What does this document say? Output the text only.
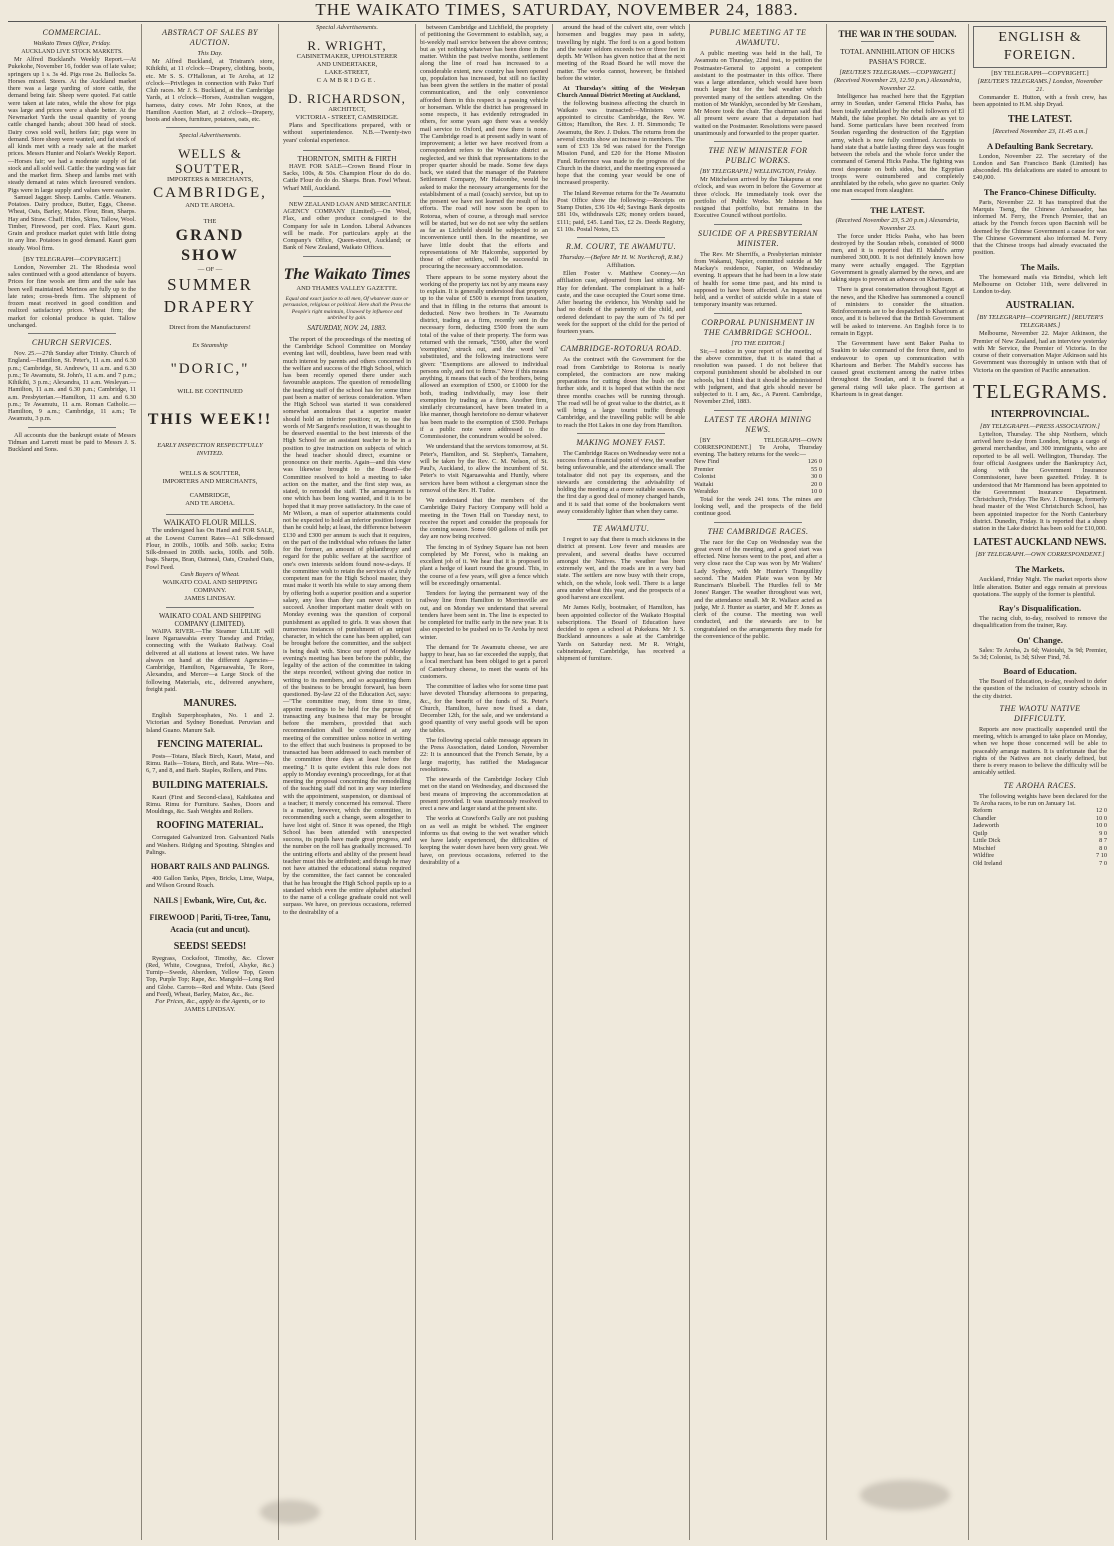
THE WAIKATO TIMES, SATURDAY, NOVEMBER 24, 1883.
COMMERCIAL.
Waikato Times Office, Friday.
AUCKLAND LIVE STOCK MARKETS.

Mr Alfred Buckland's Weekly Report.—At Pukekohe, November 16, fodder was of late value; springers up 1 s. 3s 4d. Pigs rose 2s. Bullocks 5s. Horses mixed. Steers. At the Auckland market there was a large yarding of store cattle, the demand being fair. Sheep were quoted. Fat cattle were taken at late rates, while the show for pigs was large and prices were a shade better. At the Newmarket Yards the usual quantity of young cattle changed hands; about 300 head of stock. Dairy cows sold well, heifers fair; pigs were in demand. Store sheep were wanted, and fat stock of all kinds met with a ready sale at the market prices. Messrs Hunter and Nolan's Weekly Report.—Horses fair; we had a moderate supply of fat stock and all sold well. Cattle: the yarding was fair and the market firm. Sheep and lambs met with steady demand at rates which favoured vendors. Pigs were in large supply and values were easier.

Samuel Jagger. Sheep. Lambs. Cattle. Weaners. Potatoes. Dairy produce, Butter, Eggs, Cheese. Wheat, Oats, Barley, Maize. Flour, Bran, Sharps. Hay and Straw. Chaff. Hides, Skins, Tallow, Wool. Timber, Firewood, per cord. Flax. Kauri gum. Grain and produce market quiet with little doing in any line. Potatoes in good demand. Kauri gum steady. Wool firm.

[BY TELEGRAPH—COPYRIGHT.]

London, November 21. The Rhodesia wool sales continued with a good attendance of buyers. Prices for fine wools are firm and the sale has been well maintained. Merinos are fully up to the late rates; cross-breds firm. The shipment of frozen meat received in good condition and realized satisfactory prices. Wheat firm; the market for colonial produce is quiet. Tallow unchanged.

CHURCH SERVICES.

Nov. 25.—27th Sunday after Trinity. Church of England.—Hamilton, St. Peter's, 11 a.m. and 6.30 p.m.; Cambridge, St. Andrew's, 11 a.m. and 6.30 p.m.; Te Awamutu, St. John's, 11 a.m. and 7 p.m.; Kihikihi, 3 p.m.; Alexandra, 11 a.m. Wesleyan.—Hamilton, 11 a.m. and 6.30 p.m.; Cambridge, 11 a.m. Presbyterian.—Hamilton, 11 a.m. and 6.30 p.m.; Te Awamutu, 11 a.m. Roman Catholic.—Hamilton, 9 a.m.; Cambridge, 11 a.m.; Te Awamutu, 3 p.m.

All accounts due the bankrupt estate of Messrs Tidman and Larrett must be paid to Messrs J. S. Buckland and Sons.

ABSTRACT OF SALES BY AUCTION.
This Day.

Mr Alfred Buckland, at Tristram's store, Kihikihi, at 11 o'clock—Drapery, clothing, boots, etc. Mr S. S. O'Halloran, at Te Aroha, at 12 o'clock—Privileges in connection with Pako Turf Club races. Mr J. S. Buckland, at the Cambridge Yards, at 1 o'clock—Horses, Australian waggon, harness, dairy cows. Mr John Knox, at the Hamilton Auction Mart, at 2 o'clock—Drapery, boots and shoes, furniture, potatoes, oats, etc.

Special Advertisements.
WELLS & SOUTTER,
IMPORTERS & MERCHANTS,
CAMBRIDGE,
AND TE AROHA.
THE
GRAND SHOW
— OF —
SUMMER DRAPERY
Direct from the Manufacturers!
Ex Steamship
"DORIC,"
WILL BE CONTINUED
THIS WEEK!!
EARLY INSPECTION RESPECTFULLY INVITED.
WELLS & SOUTTER,
IMPORTERS AND MERCHANTS,
CAMBRIDGE,
AND TE AROHA.
WAIKATO FLOUR MILLS.

The undersigned has On Hand and FOR SALE, at the Lowest Current Rates—A1 Silk-dressed Flour, in 200lb., 100lb. and 50lb. sacks; Extra Silk-dressed in 200lb. sacks, 100lb. and 50lb. bags. Sharps, Bran, Oatmeal, Oats, Crushed Oats, Fowl Feed.

Cash Buyers of Wheat.
WAIKATO COAL AND SHIPPING COMPANY.
JAMES LINDSAY.
WAIKATO COAL AND SHIPPING COMPANY (LIMITED).

WAIPA RIVER.—The Steamer LILLIE will leave Ngaruawahia every Tuesday and Friday, connecting with the Waikato Railway. Coal delivered at all stations at lowest rates. We have always on hand at the different Agencies—Cambridge, Hamilton, Ngaruawahia, Te Rore, Alexandra, and Mercer—a Large Stock of the following Materials, etc., delivered anywhere, freight paid.

MANURES.

English Superphosphates, No. 1 and 2. Victorian and Sydney Bonedust. Peruvian and Island Guano. Manure Salt.

FENCING MATERIAL.

Posts—Totara, Black Birch, Kauri, Matai, and Rimu. Rails—Totara, Birch, and Rata. Wire—No. 6, 7, and 8, and Barb. Staples, Rollers, and Pins.

BUILDING MATERIALS.

Kauri (First and Second-class), Kahikatea and Rimu. Rimu for Furniture. Sashes, Doors and Mouldings, &c. Sash Weights and Rollers.

ROOFING MATERIAL.

Corrugated Galvanized Iron. Galvanized Nails and Washers. Ridging and Spouting. Shingles and Palings.

HOBART RAILS AND PALINGS.

400 Gallon Tanks, Pipes, Bricks, Lime, Waipa, and Wilson Ground Roach.

NAILS | Ewbank, Wire, Cut, &c.
FIREWOOD | Pariti, Ti-tree, Tanu, Acacia (cut and uncut).
SEEDS! SEEDS!

Ryegrass, Cocksfoot, Timothy, &c. Clover (Red, White, Cowgrass, Trefoil, Alsyke, &c.) Turnip—Swede, Aberdeen, Yellow Top, Green Top, Purple Top; Rape, &c. Mangold—Long Red and Globe. Carrots—Red and White. Oats (Seed and Feed), Wheat, Barley, Maize, &c., &c.

For Prices, &c., apply to the Agents, or to
JAMES LINDSAY.
Special Advertisements.
R. WRIGHT,
CABINETMAKER, UPHOLSTERER
AND UNDERTAKER,
LAKE-STREET,
CAMBRIDGE.
D. RICHARDSON,
ARCHITECT,
VICTORIA - STREET, CAMBRIDGE.

Plans and Specifications prepared, with or without superintendence. N.B.—Twenty-two years' colonial experience.

THORNTON, SMITH & FIRTH

HAVE FOR SALE—Crown Brand Flour in Sacks, 100s, & 50s. Champion Flour do do do. Cattle Flour do do do. Sharps. Bran. Fowl Wheat. Wharf Mill, Auckland.

NEW ZEALAND LOAN AND MERCANTILE AGENCY COMPANY (Limited).—On Wool, Flax, and other produce consigned to the Company for sale in London. Liberal Advances will be made. For particulars apply at the Company's Office, Queen-street, Auckland; or Bank of New Zealand, Waikato Offices.

The Waikato Times
AND THAMES VALLEY GAZETTE.
Equal and exact justice to all men, Of whatever state or persuasion, religious or political. Here shall the Press the People's right maintain, Unawed by influence and unbribed by gain.
SATURDAY, NOV. 24, 1883.

The report of the proceedings of the meeting of the Cambridge School Committee on Monday evening last will, doubtless, have been read with much interest by parents and others concerned in the welfare and success of the High School, which has been recently opened there under such favourable auspices. The question of remodelling the teaching staff of the school has for some time past been a matter of serious consideration. When the High School was started it was considered somewhat anomalous that a superior master should hold an inferior position; or, to use the words of Mr Sargent's resolution, it was thought to be deserved essential to the best interests of the High School for an assistant teacher to be in a position to give instruction on subjects of which the head teacher should direct, examine or pronounce on their merits. Again—and this view was likewise brought to the Board—the Committee resolved to hold a meeting to take action on the matter, and the first step was, as stated, to remodel the staff. The arrangement is one which has been long wanted, and it is to be hoped that it may prove satisfactory. In the case of Mr Wilson, a man of superior attainments could not be expected to hold an inferior position longer than he could help; at least, the difference between £130 and £300 per annum is such that it requires, on the part of the individual who refuses the latter for the former, an amount of philanthropy and regard for the public welfare at the sacrifice of one's own interests seldom found now-a-days. If the committee wish to retain the services of a truly competent man for the High School master, they must make it worth his while to stay among them by offering both a superior position and a superior salary, any less than they can never expect to succeed. Another important matter dealt with on Monday evening was the question of corporal punishment as applied to girls. It was shown that numerous instances of punishment of an unjust character, in which the cane has been applied, can be brought before the committee, and the subject is being dealt with. Since our report of Monday evening's meeting has been before the public, the legality of the action of the committee in taking the steps recorded, without giving due notice in writing to its members, and so acquainting them of the business to be brought forward, has been questioned. By-law 22 of the Education Act, says: —"The committee may, from time to time, appoint meetings to be held for the purpose of transacting any business that may be brought before the members, provided that such recommendation shall be considered at any meeting of the committee unless notice in writing to the effect that such business is proposed to be transacted has been addressed to each member of the committee three days at least before the meeting." It is quite evident this rule does not apply to Monday evening's proceedings, for at that meeting the proposal concerning the remodelling of the teaching staff did not in any way interfere with the appointment, suspension, or dismissal of a teacher; it merely concerned his removal. There is a matter, however, which the committee, in recommending such a change, seem altogether to have lost sight of. Since it was opened, the High School has been attended with unexpected success, its pupils have made great progress, and the number on the roll has gradually increased. To the untiring efforts and ability of the present head teacher must this be attributed; and though he may not have attained the educational status required by the committee, the fact cannot be concealed that he has brought the High School pupils up to a standard which even the entire alphabet attached to the name of a college graduate could not well surpass. We have, on previous occasions, referred to the desirability of a

between Cambridge and Lichfield, the propriety of petitioning the Government to establish, say, a bi-weekly mail service between the above centres; but as yet nothing whatever has been done in the matter. Within the past twelve months, settlement along the line of road has increased to a considerable extent, new country has been opened up, population has increased, but still no facility has been given the settlers in the matter of postal communication, and the only convenience afforded them in this respect is a passing vehicle or horseman. While the district has progressed in some respects, it has evidently retrograded in others, for some years ago there was a weekly mail service to Oxford, and now there is none. The Cambridge road is at present sadly in want of improvement; a letter we have received from a correspondent refers to the Waikato district as neglected, and we think that representations to the proper quarter should be made. Some few days back, we stated that the manager of the Patetere Settlement Company, Mr Halcombe, would be asked to make the necessary arrangements for the establishment of a mail (coach) service, but up to the present we have not learned the result of his efforts. The road will now soon be open to Rotorua, when of course, a through mail service will be started, but we do not see why the settlers as far as Lichfield should be subjected to an inconvenience until then. In the meantime, we have little doubt that the efforts and representations of Mr Halcombe, supported by those of other settlers, will be successful in procuring the necessary accommodation.

There appears to be some mystery about the working of the property tax not by any means easy to explain. It is generally understood that property up to the value of £500 is exempt from taxation, and that in filling in the returns that amount is deducted. Now two brothers in Te Awamutu district, trading as a firm, recently sent in the necessary form, deducting £500 from the sum total of the value of their property. The form was returned with the remark, "£500, after the word 'exemption,' struck out, and the word 'nil' substituted, and the following instructions were given: "Exemptions are allowed to individual persons only, and not to firms." Now if this means anything, it means that each of the brothers, being allowed an exemption of £500, or £1000 for the both, trading individually, may lose their exemption by trading as a firm. Another firm, similarly circumstanced, have been treated in a like manner, though heretofore no demur whatever has been made to the exemption of £500. Perhaps if a public note were addressed to the Commissioner, the conundrum would be solved.

We understand that the services tomorrow, at St. Peter's, Hamilton, and St. Stephen's, Tamahere, will be taken by the Rev. C. M. Nelson, of St. Paul's, Auckland, to allow the incumbent of St. Peter's to visit Ngaruawahia and Huntly, where services have been without a clergyman since the removal of the Rev. H. Tudor.

We understand that the members of the Cambridge Dairy Factory Company will hold a meeting in the Town Hall on Tuesday next, to receive the report and consider the proposals for the coming season. Some 600 gallons of milk per day are now being received.

The fencing in of Sydney Square has not been completed by Mr Forest, who is making an excellent job of it. We hear that it is proposed to plant a hedge of kauri round the ground. This, in the course of a few years, will give a fence which will be exceedingly ornamental.

Tenders for laying the permanent way of the railway line from Hamilton to Morrinsville are out, and on Monday we understand that several tenders have been sent in. The line is expected to be completed for traffic early in the new year. It is also expected to be pushed on to Te Aroha by next winter.

The demand for Te Awamutu cheese, we are happy to hear, has so far exceeded the supply, that a local merchant has been obliged to get a parcel of Canterbury cheese, to meet the wants of his customers.

The committee of ladies who for some time past have devoted Thursday afternoons to preparing, &c., for the benefit of the funds of St. Peter's Church, Hamilton, have now fixed a date, December 12th, for the sale, and we understand a good quantity of very useful goods will be upon the tables.

The following special cable message appears in the Press Association, dated London, November 22: It is announced that the French Senate, by a large majority, has ratified the Madagascar resolutions.

The stewards of the Cambridge Jockey Club met on the stand on Wednesday, and discussed the best means of improving the accommodation at present provided. It was unanimously resolved to erect a new and larger stand at the present site.

The works at Crawford's Gully are not pushing on as well as might be wished. The engineer informs us that owing to the wet weather which we have lately experienced, the difficulties of keeping the water down have been very great. We have, on previous occasions, referred to the desirability of a

around the head of the culvert site, over which horsemen and buggies may pass in safety, travelling by night. The ford is on a good bottom and the water seldom exceeds two or three feet in depth. Mr Wilson has given notice that at the next meeting of the Road Board he will move the matter. The works cannot, however, be finished before the winter.

At Thursday's sitting of the Wesleyan Church Annual District Meeting at Auckland,

the following business affecting the church in Waikato was transacted:—Ministers were appointed to circuits: Cambridge, the Rev. W. Gittos; Hamilton, the Rev. J. H. Simmonds; Te Awamutu, the Rev. J. Dukes. The returns from the several circuits show an increase in members. The sum of £33 13s 9d was raised for the Foreign Mission Fund, and £20 for the Home Mission Fund. Reference was made to the progress of the Church in the district, and the meeting expressed a hope that the coming year would be one of increased prosperity.

The Inland Revenue returns for the Te Awamutu Post Office show the following:—Receipts on Stamp Duties, £36 10s 4d; Savings Bank deposits £81 10s, withdrawals £26; money orders issued, £111; paid, £45. Land Tax, £2 2s. Deeds Registry, £1 10s. Postal Notes, £3.

R.M. COURT, TE AWAMUTU.
Thursday.—(Before Mr H. W. Northcroft, R.M.)
Affiliation.

Ellen Foster v. Matthew Cooney.—An affiliation case, adjourned from last sitting. Mr Hay for defendant. The complainant is a half-caste, and the case occupied the Court some time. After hearing the evidence, his Worship said he had no doubt of the paternity of the child, and ordered defendant to pay the sum of 7s 6d per week for the support of the child for the period of fourteen years.

CAMBRIDGE-ROTORUA ROAD.

As the contract with the Government for the road from Cambridge to Rotorua is nearly completed, the contractors are now making preparations for cutting down the bush on the further side, and it is hoped that within the next three months coaches will be running through. The road will be of great value to the district, as it will bring a large tourist traffic through Cambridge, and the travelling public will be able to reach the Hot Lakes in one day from Hamilton.

MAKING MONEY FAST.

The Cambridge Races on Wednesday were not a success from a financial point of view, the weather being unfavourable, and the attendance small. The totalisator did not pay its expenses, and the stewards are considering the advisability of holding the meeting at a more suitable season. On the first day a good deal of money changed hands, and it is said that some of the bookmakers went away considerably lighter than when they came.

TE AWAMUTU.

I regret to say that there is much sickness in the district at present. Low fever and measles are prevalent, and several deaths have occurred amongst the Natives. The weather has been extremely wet, and the roads are in a very bad state. The settlers are now busy with their crops, which, on the whole, look well. There is a large area under wheat this year, and the prospects of a good harvest are excellent.

Mr James Kelly, bootmaker, of Hamilton, has been appointed collector of the Waikato Hospital subscriptions. The Board of Education have decided to open a school at Pukekura. Mr J. S. Buckland announces a sale at the Cambridge Yards on Saturday next. Mr R. Wright, cabinetmaker, Cambridge, has received a shipment of furniture.

PUBLIC MEETING AT TE AWAMUTU.

A public meeting was held in the hall, Te Awamutu on Thursday, 22nd inst., to petition the Postmaster-General to appoint a competent assistant to the postmaster in this office. There was a large attendance, which would have been much larger but for the bad weather which prevented many of the settlers attending. On the motion of Mr Wanklyn, seconded by Mr Gresham, Mr Moore took the chair. The chairman said that all present were aware that a deputation had waited on the Postmaster. Resolutions were passed unanimously and forwarded to the proper quarter.

THE NEW MINISTER FOR PUBLIC WORKS.
[BY TELEGRAPH.] WELLINGTON, Friday.

Mr Mitchelson arrived by the Takapuna at one o'clock, and was sworn in before the Governor at three o'clock. He immediately took over the portfolio of Public Works. Mr Johnson has resigned that portfolio, but remains in the Executive Council without portfolio.

SUICIDE OF A PRESBYTERIAN MINISTER.

The Rev. Mr Sherriffs, a Presbyterian minister from Wakanui, Napier, committed suicide at Mr Mackay's residence, Napier, on Wednesday evening. It appears that he had been in a low state of health for some time past, and his mind is supposed to have been affected. An inquest was held, and a verdict of suicide while in a state of temporary insanity was returned.

CORPORAL PUNISHMENT IN THE CAMBRIDGE SCHOOL.
[TO THE EDITOR.]

Sir,—I notice in your report of the meeting of the above committee, that it is stated that a resolution was passed. I do not believe that corporal punishment should be abolished in our schools, but I think that it should be administered with judgment, and that girls should never be subjected to it. I am, &c., A Parent. Cambridge, November 23rd, 1883.

LATEST TE AROHA MINING NEWS.

[BY TELEGRAPH—OWN CORRESPONDENT.] Te Aroha, Thursday evening. The battery returns for the week:—

New Find	126 0
Premier	55 0
Colonist	30 0
Waitaki	20 0
Werahiko	10 0

Total for the week 241 tons. The mines are looking well, and the prospects of the field continue good.

THE CAMBRIDGE RACES.

The race for the Cup on Wednesday was the great event of the meeting, and a good start was effected. Nine horses went to the post, and after a very close race the Cup was won by Mr Walters' Lady Sydney, with Mr Hunter's Tranquillity second. The Maiden Plate was won by Mr Runciman's Bluebell. The Hurdles fell to Mr Jones' Ranger. The weather throughout was wet, and the attendance small. Mr R. Wallace acted as judge, Mr J. Hunter as starter, and Mr F. Jones as clerk of the course. The meeting was well conducted, and the stewards are to be congratulated on the arrangements they made for the convenience of the public.

THE WAR IN THE SOUDAN.
TOTAL ANNIHILATION OF HICKS PASHA'S FORCE.
[REUTER'S TELEGRAMS.—COPYRIGHT.] (Received November 23, 12.50 p.m.) Alexandria, November 22.

Intelligence has reached here that the Egyptian army in Soudan, under General Hicks Pasha, has been totally annihilated by the rebel followers of El Mahdi, the false prophet. No details are as yet to hand. Some particulars have been received from Soudan regarding the destruction of the Egyptian army, which is now fully confirmed. Accounts to hand state that a battle lasting three days was fought between the rebels and the whole force under the command of General Hicks Pasha. The fighting was most desperate on both sides, but the Egyptian troops were outnumbered and completely annihilated by the rebels, who gave no quarter. Only one man escaped from slaughter.

THE LATEST.
(Received November 23, 5.20 p.m.) Alexandria, November 23.

The force under Hicks Pasha, who has been destroyed by the Soudan rebels, consisted of 9000 men, and it is reported that El Mahdi's army numbered 300,000. It is not definitely known how many were actually engaged. The Egyptian Government is greatly alarmed by the news, and are taking steps to prevent an advance on Khartoum.

There is great consternation throughout Egypt at the news, and the Khedive has summoned a council of ministers to consider the situation. Reinforcements are to be despatched to Khartoum at once, and it is believed that the British Government will be asked to intervene. An English force is to remain in Egypt.

The Government have sent Baker Pasha to Suakim to take command of the force there, and to endeavour to open up communication with Khartoum and Berber. The Mahdi's success has caused great excitement among the native tribes throughout the Soudan, and it is feared that a general rising will take place. The garrison at Khartoum is in great danger.

ENGLISH & FOREIGN.
[BY TELEGRAPH—COPYRIGHT.]
[REUTER'S TELEGRAMS.] London, November 21.

Commander E. Hutton, with a fresh crew, has been appointed to H.M. ship Dryad.

THE LATEST.
[Received November 23, 11.45 a.m.]
A Defaulting Bank Secretary.

London, November 22. The secretary of the London and San Francisco Bank (Limited) has absconded. His defalcations are stated to amount to £40,000.

The Franco-Chinese Difficulty.

Paris, November 22. It has transpired that the Marquis Tseng, the Chinese Ambassador, has informed M. Ferry, the French Premier, that an attack by the French forces upon Bacninh will be deemed by the Chinese Government a cause for war. The Chinese Government also informed M. Ferry that the Chinese troops had already evacuated the position.

The Mails.

The homeward mails via Brindisi, which left Melbourne on October 11th, were delivered in London to-day.

AUSTRALIAN.
[BY TELEGRAPH—COPYRIGHT.] [REUTER'S TELEGRAMS.]

Melbourne, November 22. Major Atkinson, the Premier of New Zealand, had an interview yesterday with Mr Service, the Premier of Victoria. In the course of their conversation Major Atkinson said his Government was thoroughly in unison with that of Victoria on the question of Pacific annexation.

TELEGRAMS.
INTERPROVINCIAL.
[BY TELEGRAPH.—PRESS ASSOCIATION.]

Lyttelton, Thursday. The ship Northern, which arrived here to-day from London, brings a cargo of general merchandise, and 300 immigrants, who are reported to be all well. Wellington, Thursday. The four official Assignees under the Bankruptcy Act, along with the Government Insurance Commissioner, have been gazetted. Friday. It is understood that Mr Hammond has been appointed to the Government Insurance Department. Christchurch, Friday. The Rev. J. Dunnage, formerly head master of the West Christchurch School, has been appointed inspector for the North Canterbury district. Dunedin, Friday. It is reported that a sheep station in the Lake district has been sold for £10,000.

LATEST AUCKLAND NEWS.
[BY TELEGRAPH.—OWN CORRESPONDENT.]
The Markets.

Auckland, Friday Night. The market reports show little alteration. Butter and eggs remain at previous quotations. The supply of the former is plentiful.

Ray's Disqualification.

The racing club, to-day, resolved to remove the disqualification from the trainer, Ray.

On' Change.

Sales: Te Aroha, 2s 6d; Waiotahi, 3s 9d; Premier, 5s 3d; Colonist, 1s 3d; Silver Find, 7d.

Board of Education.

The Board of Education, to-day, resolved to defer the question of the inclusion of country schools in the city district.

THE WAOTU NATIVE DIFFICULTY.

Reports are now practically suspended until the meeting, which is arranged to take place on Monday, when we hope those concerned will be able to peaceably arrange matters. It is unfortunate that the rights of the Natives are not clearly defined, but there is every reason to believe the difficulty will be amicably settled.

TE AROHA RACES.

The following weights have been declared for the Te Aroha races, to be run on January 1st.

Reform	12 0
Chandler	10 0
Jadeworth	10 0
Quilp	9 0
Little Dick	8 7
Mischief	8 0
Wildfire	7 10
Old Ireland	7 0
